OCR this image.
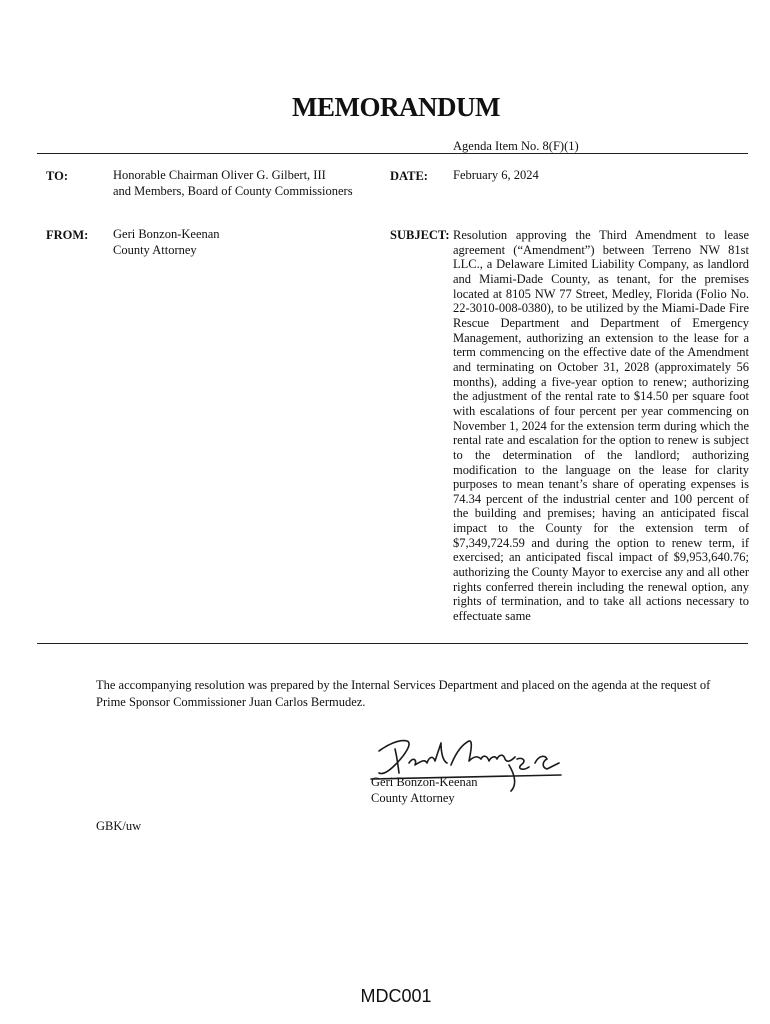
MEMORANDUM
Agenda Item No. 8(F)(1)
TO:	Honorable Chairman Oliver G. Gilbert, III
and Members, Board of County Commissioners
DATE: February 6, 2024
FROM: Geri Bonzon-Keenan
County Attorney
SUBJECT: Resolution approving the Third Amendment to lease agreement (“Amendment”) between Terreno NW 81st LLC., a Delaware Limited Liability Company, as landlord and Miami-Dade County, as tenant, for the premises located at 8105 NW 77 Street, Medley, Florida (Folio No. 22-3010-008-0380), to be utilized by the Miami-Dade Fire Rescue Department and Department of Emergency Management, authorizing an extension to the lease for a term commencing on the effective date of the Amendment and terminating on October 31, 2028 (approximately 56 months), adding a five-year option to renew; authorizing the adjustment of the rental rate to $14.50 per square foot with escalations of four percent per year commencing on November 1, 2024 for the extension term during which the rental rate and escalation for the option to renew is subject to the determination of the landlord; authorizing modification to the language on the lease for clarity purposes to mean tenant’s share of operating expenses is 74.34 percent of the industrial center and 100 percent of the building and premises; having an anticipated fiscal impact to the County for the extension term of $7,349,724.59 and during the option to renew term, if exercised; an anticipated fiscal impact of $9,953,640.76; authorizing the County Mayor to exercise any and all other rights conferred therein including the renewal option, any rights of termination, and to take all actions necessary to effectuate same
The accompanying resolution was prepared by the Internal Services Department and placed on the agenda at the request of Prime Sponsor Commissioner Juan Carlos Bermudez.
Geri Bonzon-Keenan
County Attorney
GBK/uw
MDC001
